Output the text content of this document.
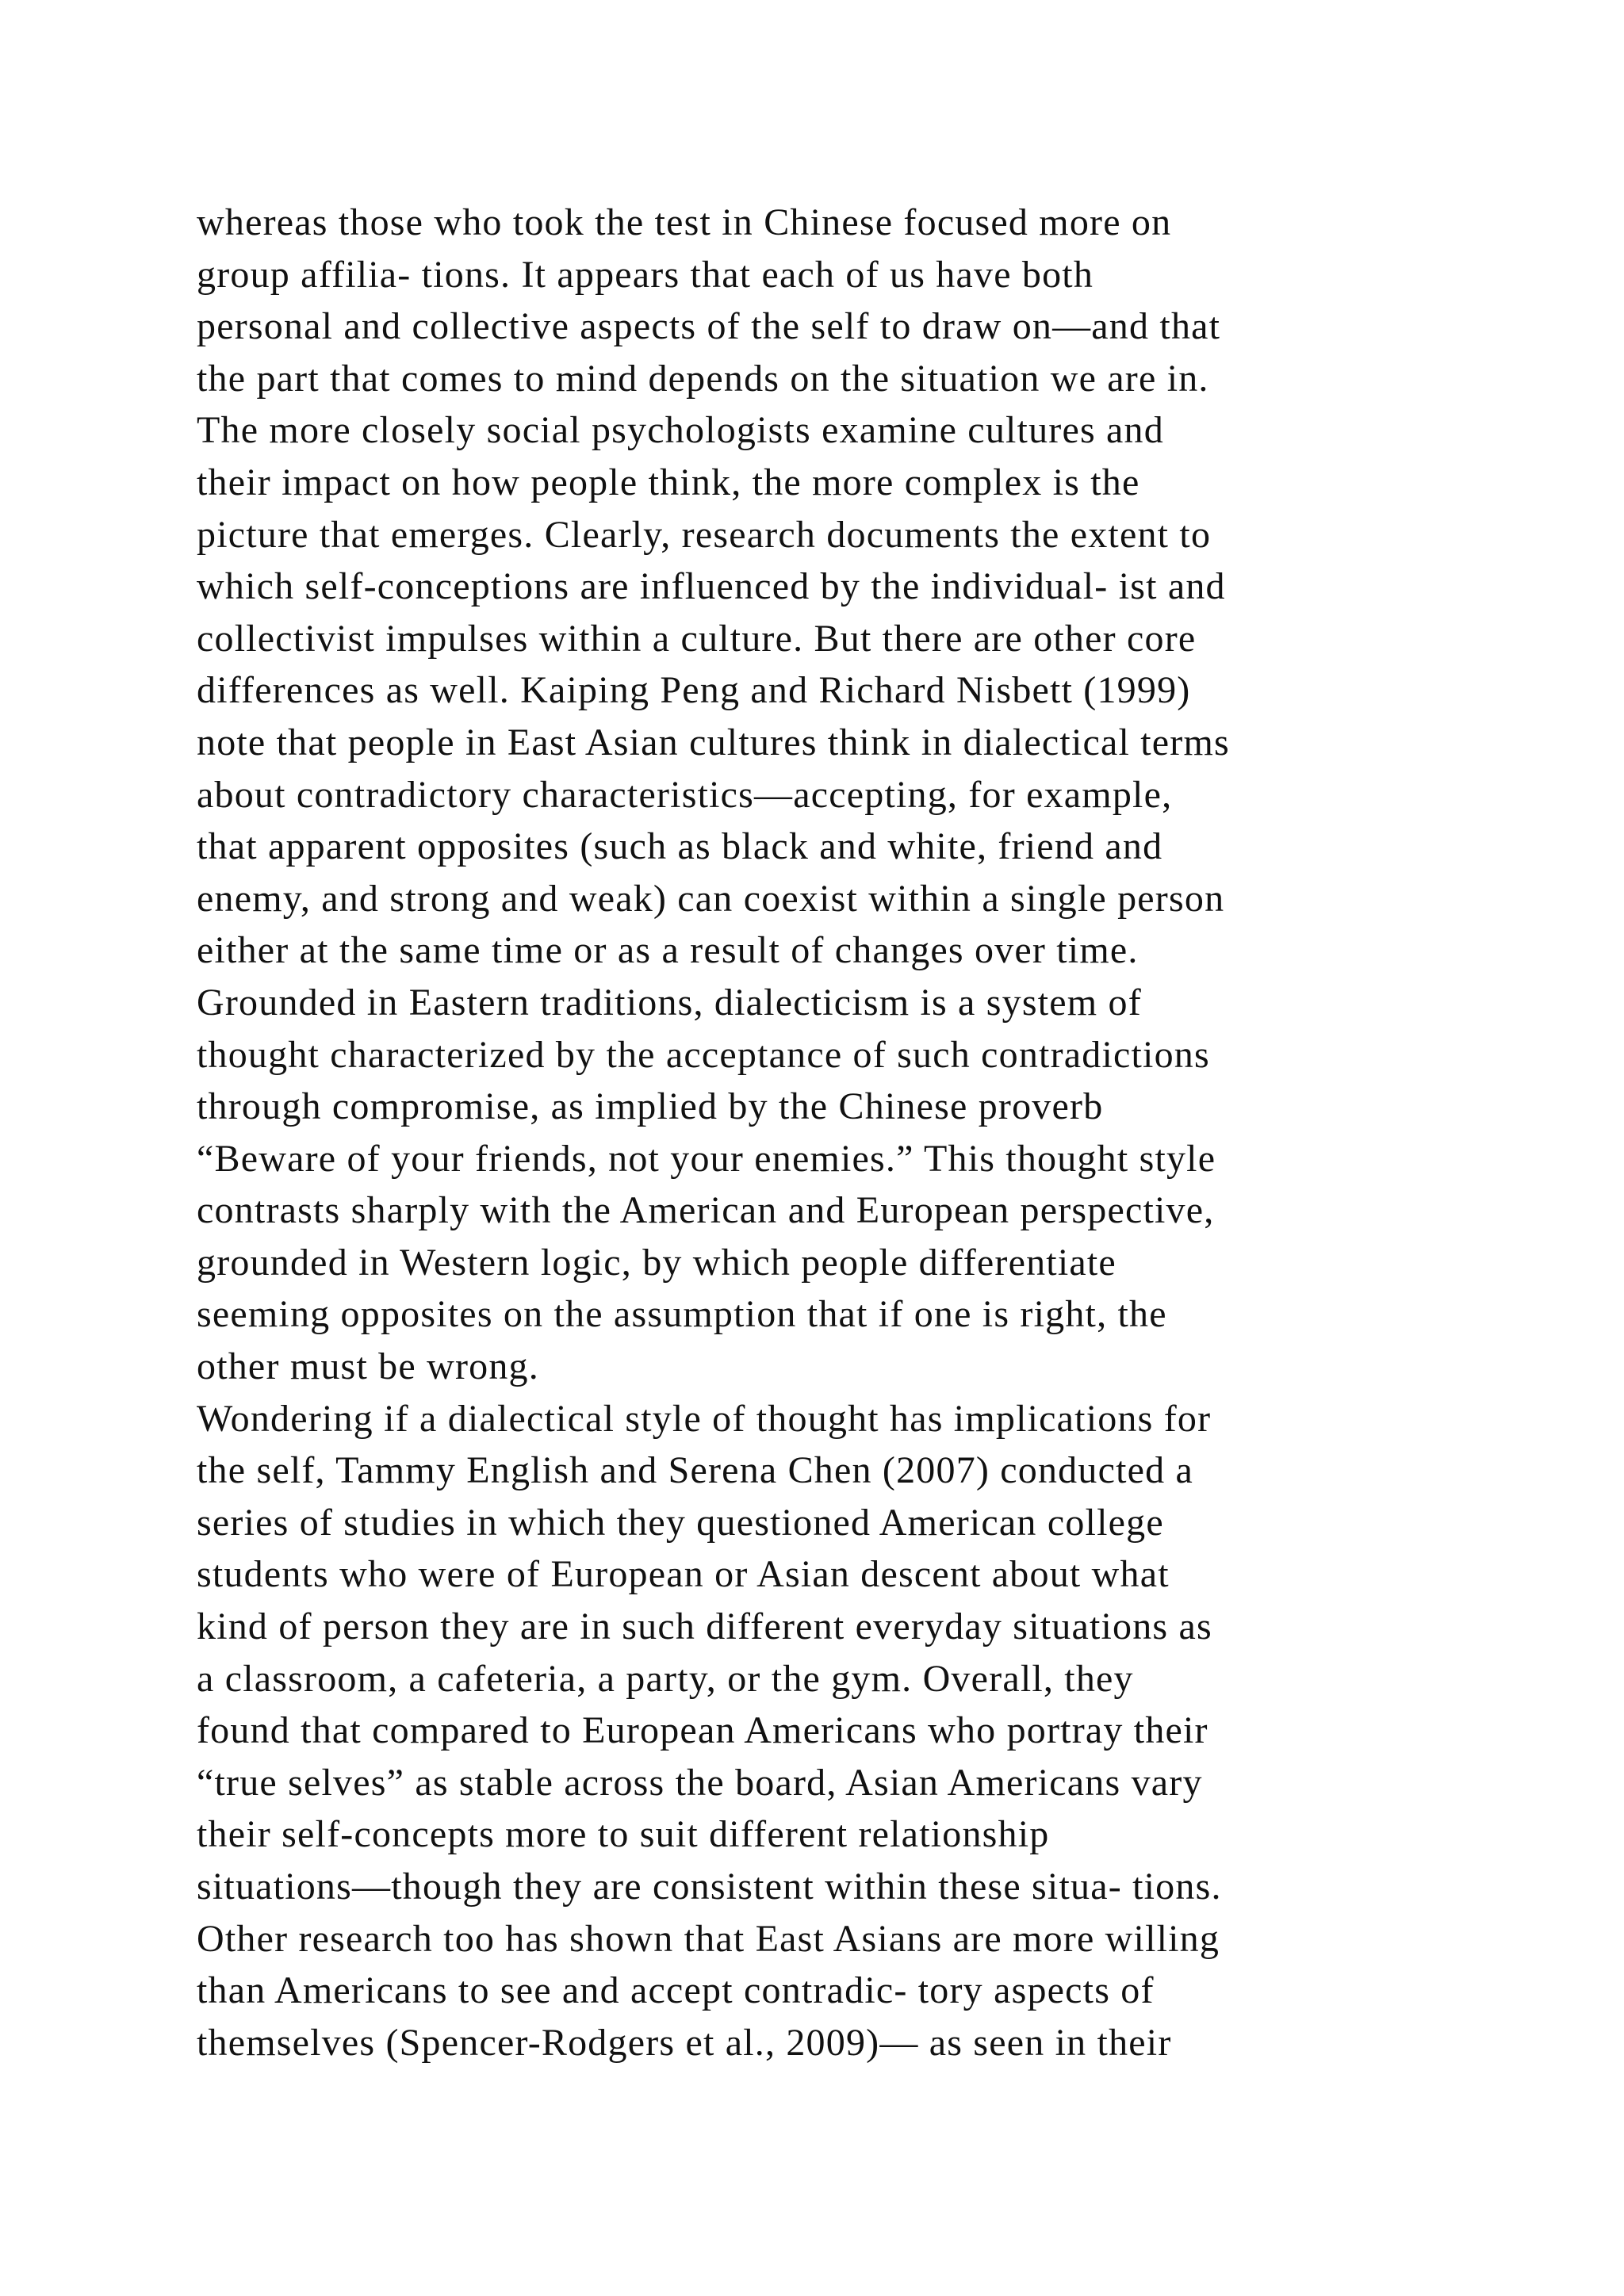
whereas those who took the test in Chinese focused more on
group affilia- tions. It appears that each of us have both
personal and collective aspects of the self to draw on—and that
the part that comes to mind depends on the situation we are in.
The more closely social psychologists examine cultures and
their impact on how people think, the more complex is the
picture that emerges. Clearly, research documents the extent to
which self-conceptions are influenced by the individual- ist and
collectivist impulses within a culture. But there are other core
differences as well. Kaiping Peng and Richard Nisbett (1999)
note that people in East Asian cultures think in dialectical terms
about contradictory characteristics—accepting, for example,
that apparent opposites (such as black and white, friend and
enemy, and strong and weak) can coexist within a single person
either at the same time or as a result of changes over time.
Grounded in Eastern traditions, dialecticism is a system of
thought characterized by the acceptance of such contradictions
through compromise, as implied by the Chinese proverb
“Beware of your friends, not your enemies.” This thought style
contrasts sharply with the American and European perspective,
grounded in Western logic, by which people differentiate
seeming opposites on the assumption that if one is right, the
other must be wrong.
Wondering if a dialectical style of thought has implications for
the self, Tammy English and Serena Chen (2007) conducted a
series of studies in which they questioned American college
students who were of European or Asian descent about what
kind of person they are in such different everyday situations as
a classroom, a cafeteria, a party, or the gym. Overall, they
found that compared to European Americans who portray their
“true selves” as stable across the board, Asian Americans vary
their self-concepts more to suit different relationship
situations—though they are consistent within these situa- tions.
Other research too has shown that East Asians are more willing
than Americans to see and accept contradic- tory aspects of
themselves (Spencer-Rodgers et al., 2009)— as seen in their
